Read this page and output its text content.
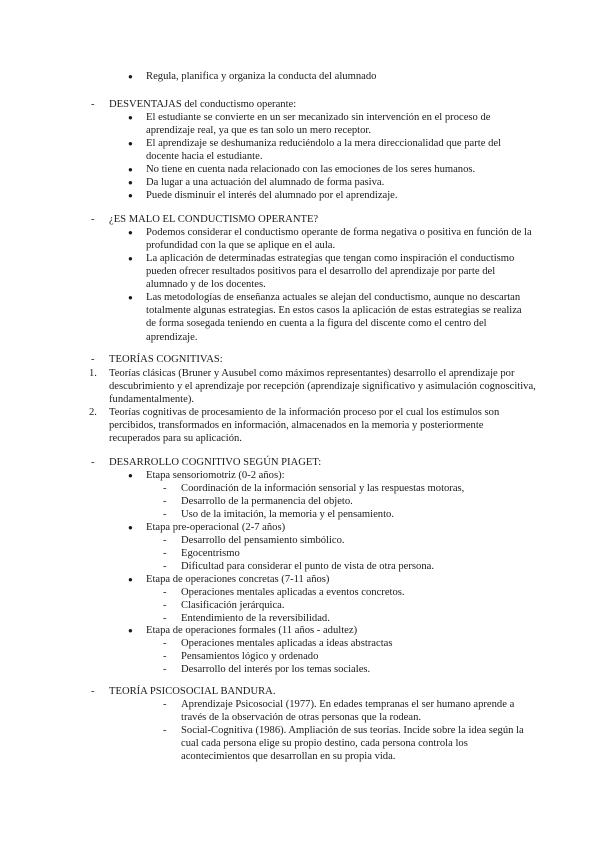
● Regula, planifica y organiza la conducta del alumnado
- DESVENTAJAS del conductismo operante:
● El estudiante se convierte en un ser mecanizado sin intervención en el proceso de aprendizaje real, ya que es tan solo un mero receptor.
● El aprendizaje se deshumaniza reduciéndolo a la mera direccionalidad que parte del docente hacia el estudiante.
● No tiene en cuenta nada relacionado con las emociones de los seres humanos.
● Da lugar a una actuación del alumnado de forma pasiva.
● Puede disminuir el interés del alumnado por el aprendizaje.
- ¿ES MALO EL CONDUCTISMO OPERANTE?
● Podemos considerar el conductismo operante de forma negativa o positiva en función de la profundidad con la que se aplique en el aula.
● La aplicación de determinadas estrategias que tengan como inspiración el conductismo pueden ofrecer resultados positivos para el desarrollo del aprendizaje por parte del alumnado y de los docentes.
● Las metodologías de enseñanza actuales se alejan del conductismo, aunque no descartan totalmente algunas estrategias. En estos casos la aplicación de estas estrategias se realiza de forma sosegada teniendo en cuenta a la figura del discente como el centro del aprendizaje.
- TEORÍAS COGNITIVAS:
1. Teorías clásicas (Bruner y Ausubel como máximos representantes) desarrollo el aprendizaje por descubrimiento y el aprendizaje por recepción (aprendizaje significativo y asimulación cognoscitiva, fundamentalmente).
2. Teorías cognitivas de procesamiento de la información proceso por el cual los estímulos son percibidos, transformados en información, almacenados en la memoria y posteriormente recuperados para su aplicación.
- DESARROLLO COGNITIVO SEGÚN PIAGET:
● Etapa sensoriomotriz (0-2 años):
- Coordinación de la información sensorial y las respuestas motoras,
- Desarrollo de la permanencia del objeto.
- Uso de la imitación, la memoria y el pensamiento.
● Etapa pre-operacional (2-7 años)
- Desarrollo del pensamiento simbólico.
- Egocentrismo
- Dificultad para considerar el punto de vista de otra persona.
● Etapa de operaciones concretas (7-11 años)
- Operaciones mentales aplicadas a eventos concretos.
- Clasificación jerárquica.
- Entendimiento de la reversibilidad.
● Etapa de operaciones formales (11 años - adultez)
- Operaciones mentales aplicadas a ideas abstractas
- Pensamientos lógico y ordenado
- Desarrollo del interés por los temas sociales.
- TEORÍA PSICOSOCIAL BANDURA.
- Aprendizaje Psicosocial (1977). En edades tempranas el ser humano aprende a través de la observación de otras personas que la rodean.
- Social-Cognitiva (1986). Ampliación de sus teorías. Incide sobre la idea según la cual cada persona elige su propio destino, cada persona controla los acontecimientos que desarrollan en su propia vida.
